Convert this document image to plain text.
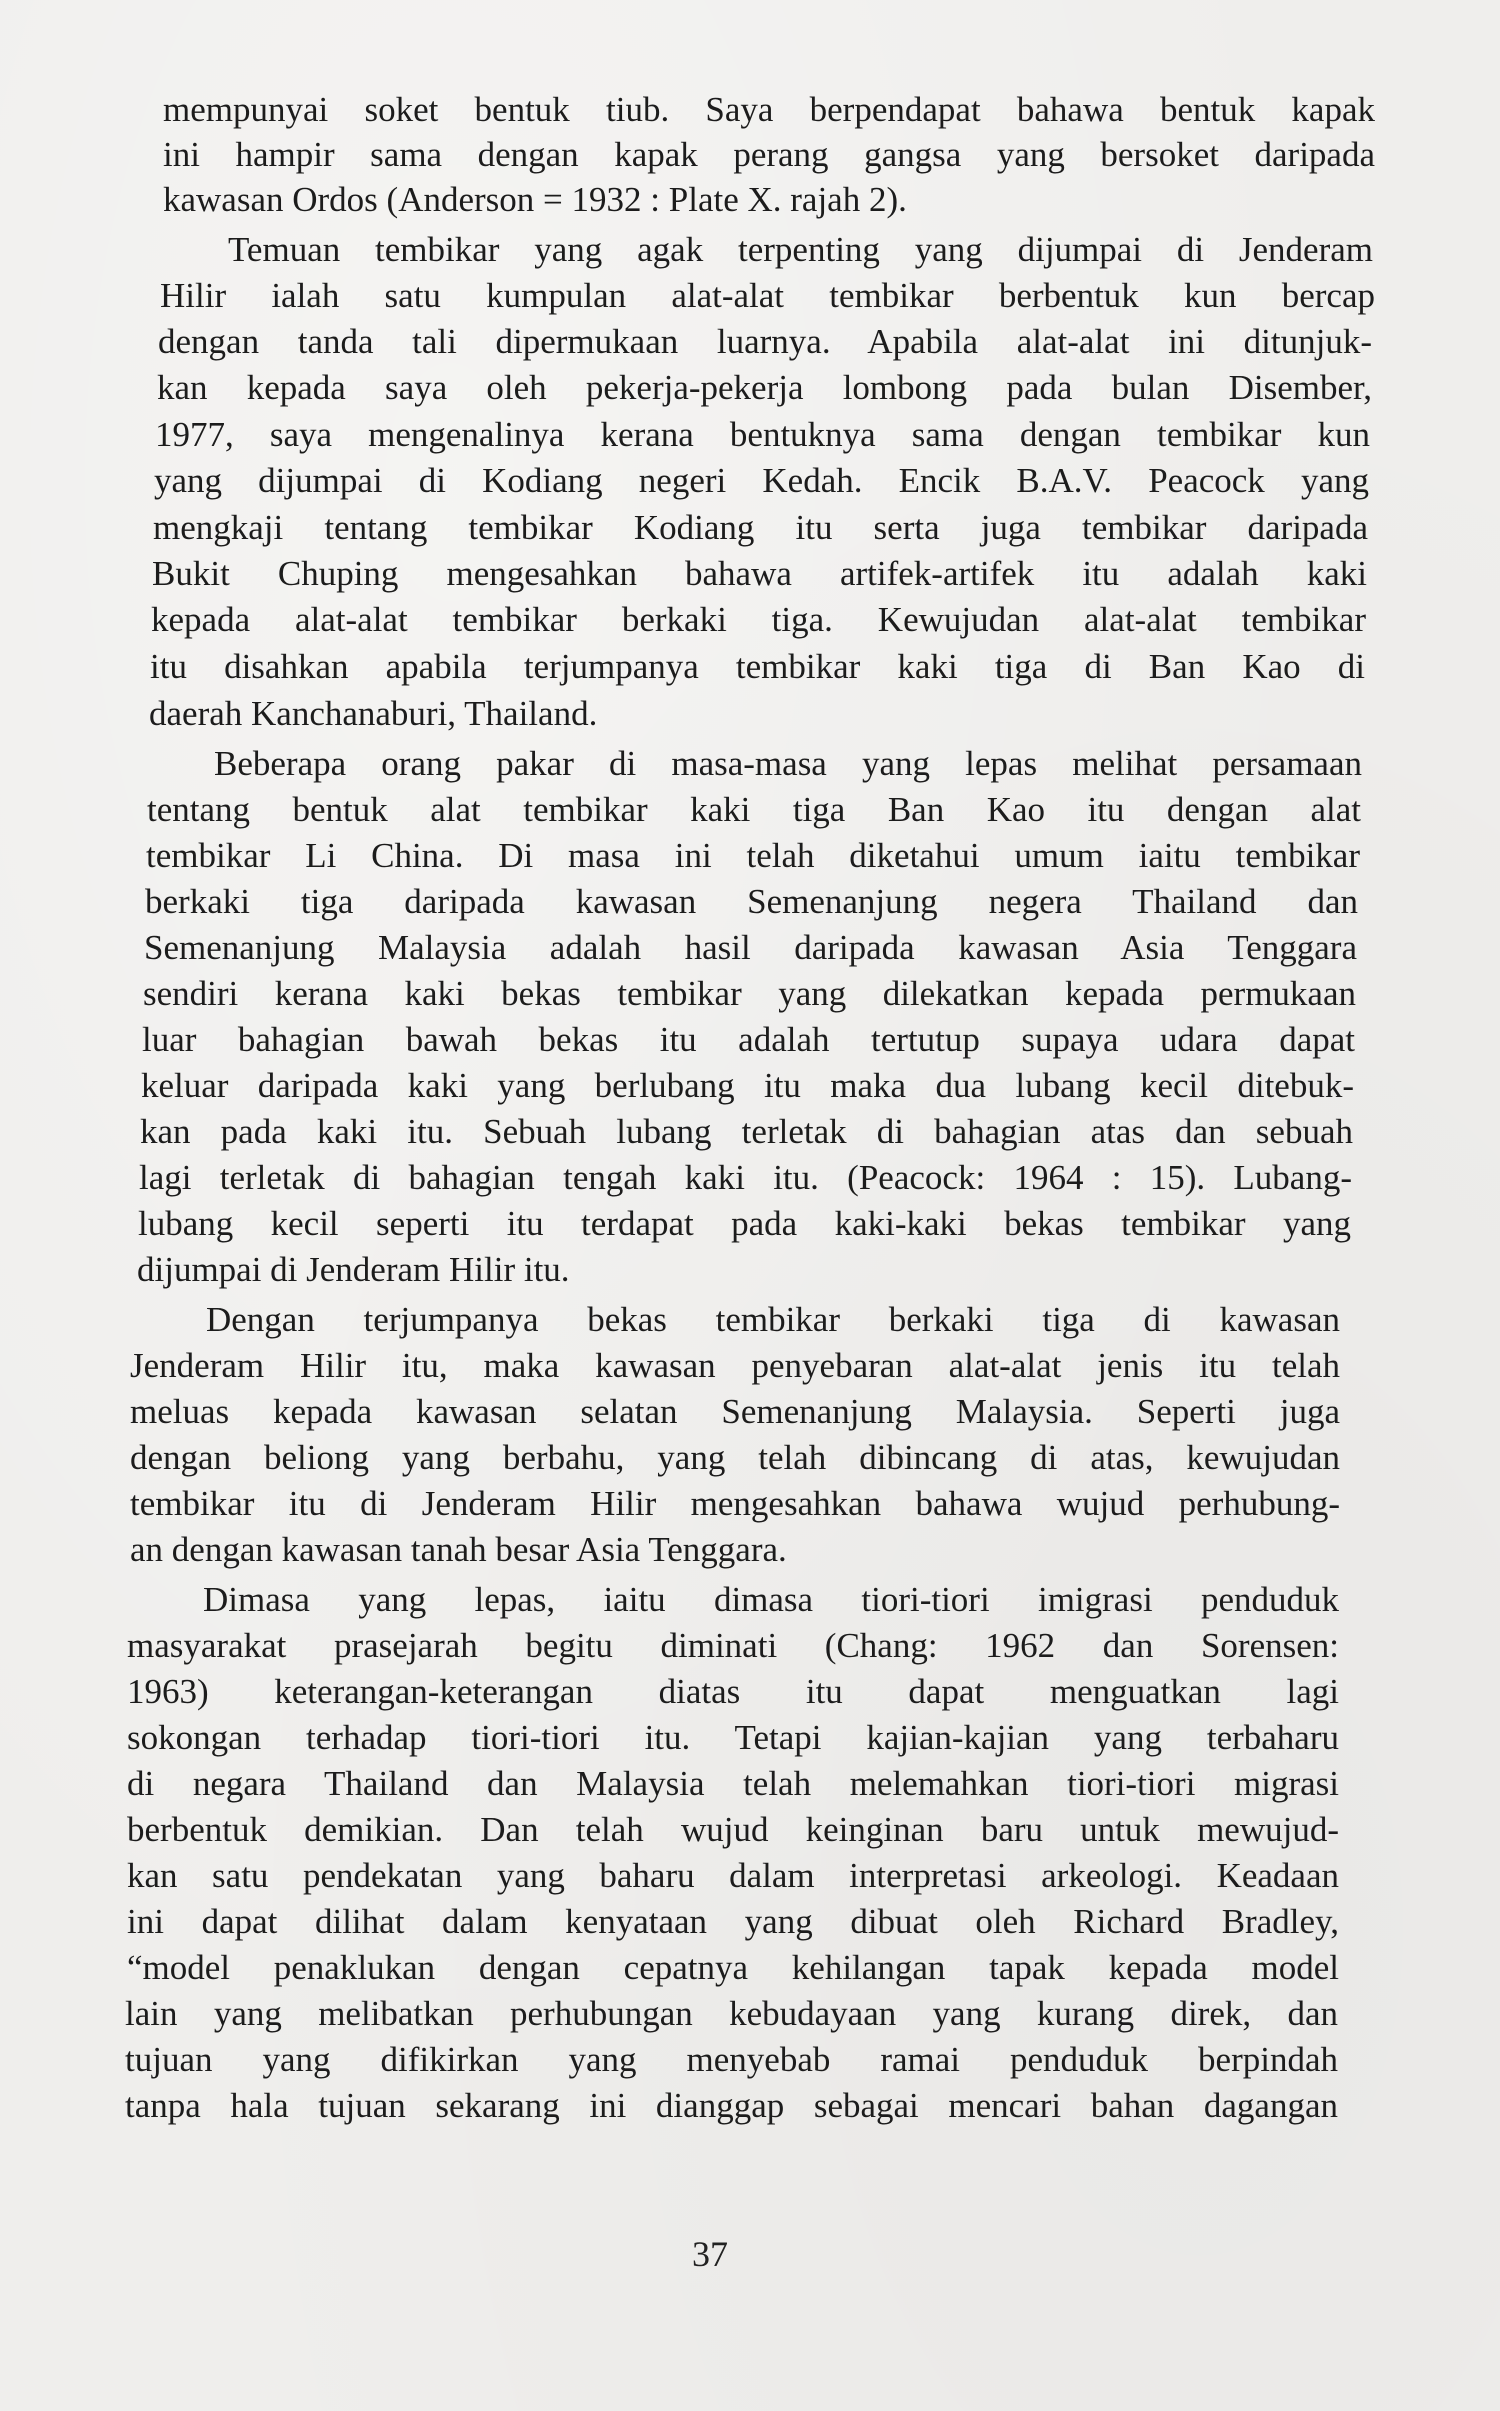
mempunyai soket bentuk tiub. Saya berpendapat bahawa bentuk kapak
ini hampir sama dengan kapak perang gangsa yang bersoket daripada
kawasan Ordos (Anderson = 1932 : Plate X. rajah 2).
Temuan tembikar yang agak terpenting yang dijumpai di Jenderam
Hilir ialah satu kumpulan alat-alat tembikar berbentuk kun bercap
dengan tanda tali dipermukaan luarnya. Apabila alat-alat ini ditunjuk-
kan kepada saya oleh pekerja-pekerja lombong pada bulan Disember,
1977, saya mengenalinya kerana bentuknya sama dengan tembikar kun
yang dijumpai di Kodiang negeri Kedah. Encik B.A.V. Peacock yang
mengkaji tentang tembikar Kodiang itu serta juga tembikar daripada
Bukit Chuping mengesahkan bahawa artifek-artifek itu adalah kaki
kepada alat-alat tembikar berkaki tiga. Kewujudan alat-alat tembikar
itu disahkan apabila terjumpanya tembikar kaki tiga di Ban Kao di
daerah Kanchanaburi, Thailand.
Beberapa orang pakar di masa-masa yang lepas melihat persamaan
tentang bentuk alat tembikar kaki tiga Ban Kao itu dengan alat
tembikar Li China. Di masa ini telah diketahui umum iaitu tembikar
berkaki tiga daripada kawasan Semenanjung negera Thailand dan
Semenanjung Malaysia adalah hasil daripada kawasan Asia Tenggara
sendiri kerana kaki bekas tembikar yang dilekatkan kepada permukaan
luar bahagian bawah bekas itu adalah tertutup supaya udara dapat
keluar daripada kaki yang berlubang itu maka dua lubang kecil ditebuk-
kan pada kaki itu. Sebuah lubang terletak di bahagian atas dan sebuah
lagi terletak di bahagian tengah kaki itu. (Peacock: 1964 : 15). Lubang-
lubang kecil seperti itu terdapat pada kaki-kaki bekas tembikar yang
dijumpai di Jenderam Hilir itu.
Dengan terjumpanya bekas tembikar berkaki tiga di kawasan
Jenderam Hilir itu, maka kawasan penyebaran alat-alat jenis itu telah
meluas kepada kawasan selatan Semenanjung Malaysia. Seperti juga
dengan beliong yang berbahu, yang telah dibincang di atas, kewujudan
tembikar itu di Jenderam Hilir mengesahkan bahawa wujud perhubung-
an dengan kawasan tanah besar Asia Tenggara.
Dimasa yang lepas, iaitu dimasa tiori-tiori imigrasi penduduk
masyarakat prasejarah begitu diminati (Chang: 1962 dan Sorensen:
1963) keterangan-keterangan diatas itu dapat menguatkan lagi
sokongan terhadap tiori-tiori itu. Tetapi kajian-kajian yang terbaharu
di negara Thailand dan Malaysia telah melemahkan tiori-tiori migrasi
berbentuk demikian. Dan telah wujud keinginan baru untuk mewujud-
kan satu pendekatan yang baharu dalam interpretasi arkeologi. Keadaan
ini dapat dilihat dalam kenyataan yang dibuat oleh Richard Bradley,
“model penaklukan dengan cepatnya kehilangan tapak kepada model
lain yang melibatkan perhubungan kebudayaan yang kurang direk, dan
tujuan yang difikirkan yang menyebab ramai penduduk berpindah
tanpa hala tujuan sekarang ini dianggap sebagai mencari bahan dagangan
37
